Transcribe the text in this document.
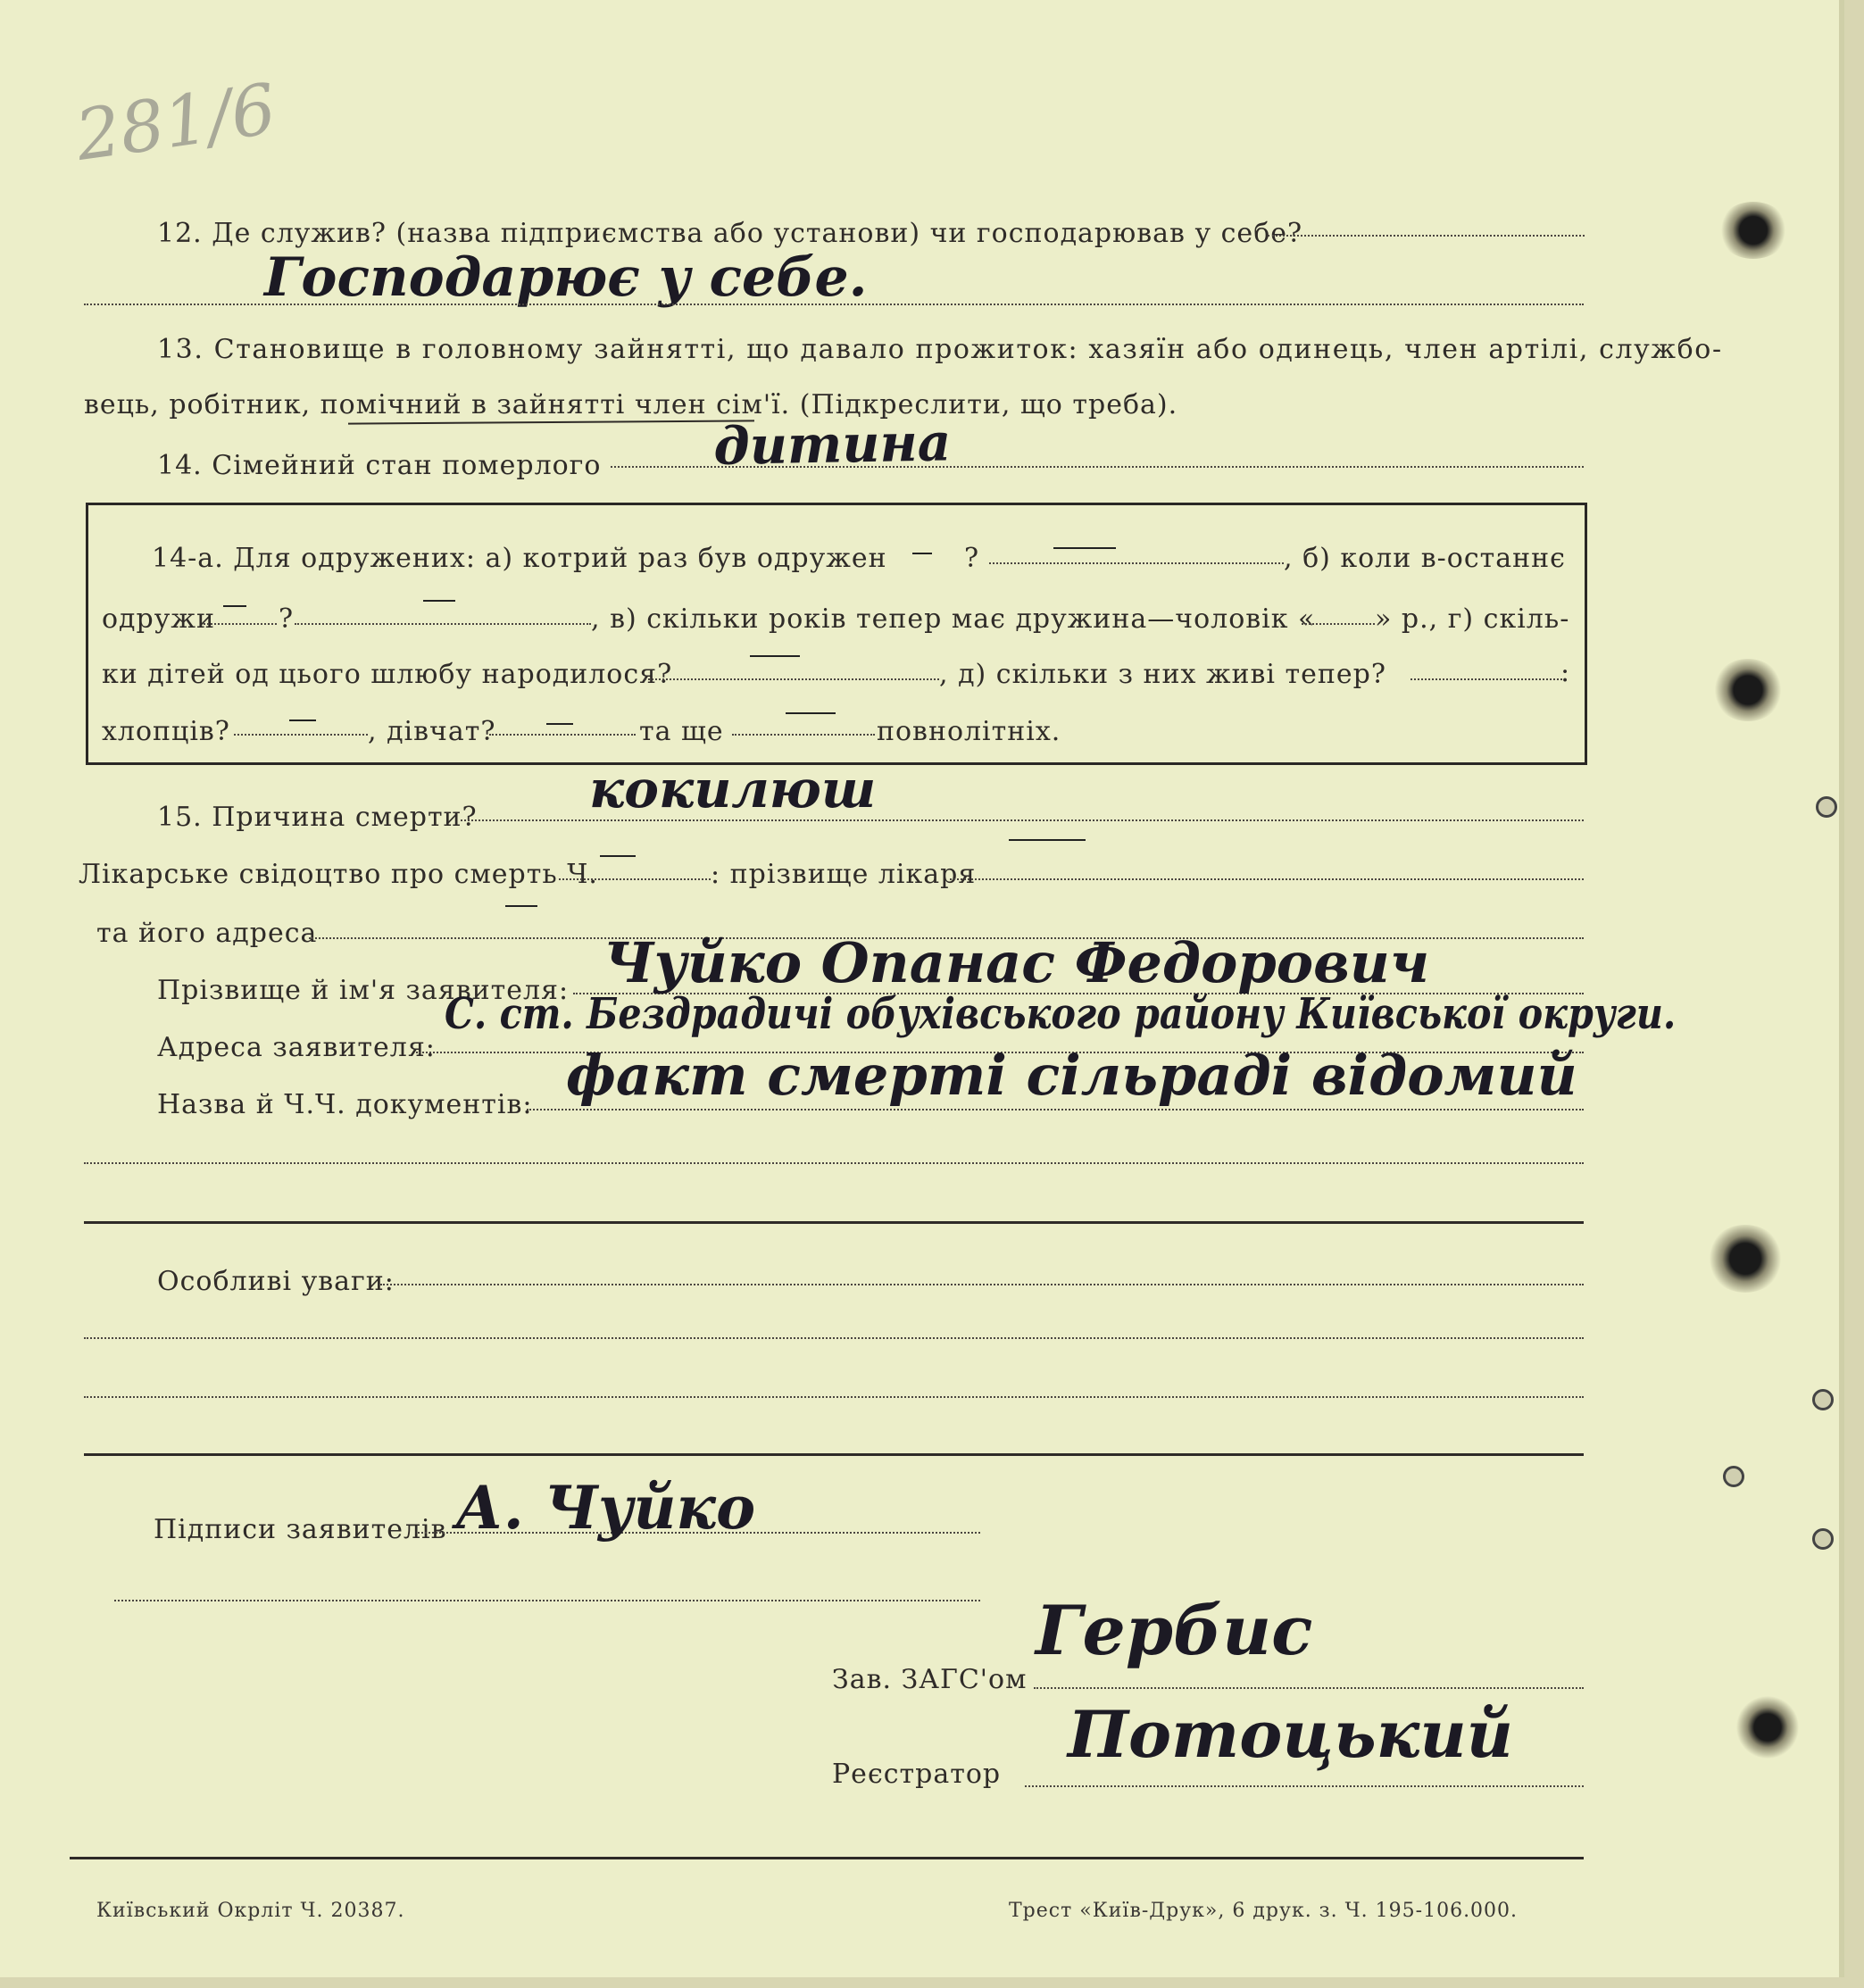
281/6
12. Де служив? (назва підприємства або установи) чи господарював у себе?
Господарює у себе.
13. Становище в головному зайнятті, що давало прожиток: хазяїн або одинець, член артілі, службо-
вець, робітник, помічний в зайнятті член сім'ї. (Підкреслити, що треба).
14. Сімейний стан померлого дитина
14-а. Для одружених: а) котрий раз був одружен	?	, б) коли в-останнє
одружи ?	, в) скільки років тепер має дружина—чоловік « » р., г) скіль-
ки дітей од цього шлюбу народилося?	, д) скільки з них живі тепер?	:
хлопців?	, дівчат?	та ще	повнолітніх.
15. Причина смерти? кокилюш
Лікарське свідоцтво про смерть Ч.	: прізвище лікаря
та його адреса
Прізвище й ім'я заявителя: Чуйко Опанас Федорович
Адреса заявителя:
С. ст. Бездрадичі обухівського району Київської округи.
Назва й Ч.Ч. документів: факт смерті сільраді відомий
Особливі уваги:
Підписи заявителів А. Чуйко
Зав. ЗАГС'ом
Гербис
Реєстратор
Потоцький
Київський Окрліт Ч. 20387.	Трест «Київ-Друк», 6 друк. з. Ч. 195-106.000.
